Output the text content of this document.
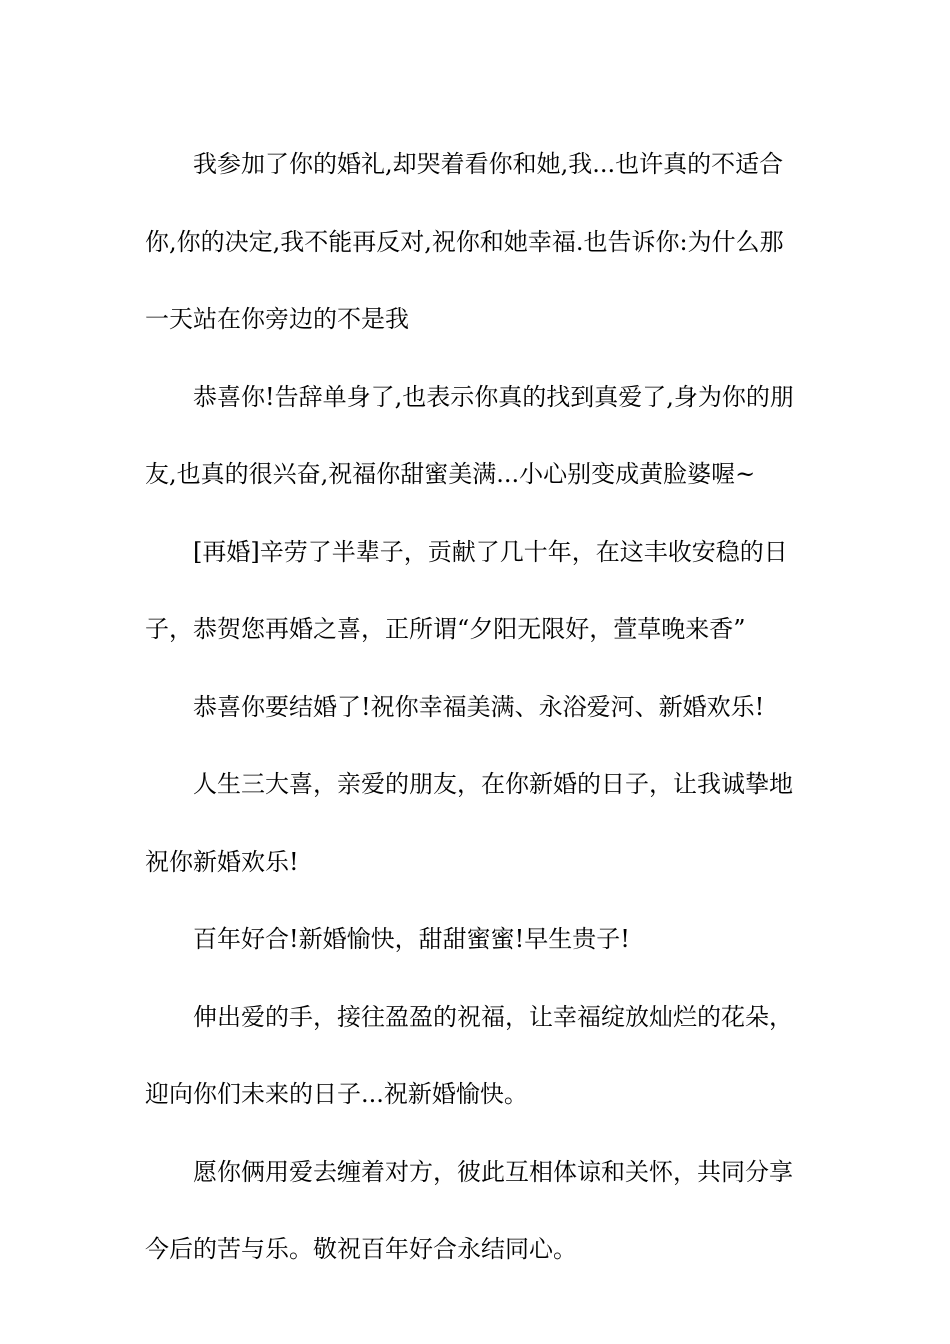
我参加了你的婚礼,却哭着看你和她,我...也许真的不适合你,你的决定,我不能再反对,祝你和她幸福.也告诉你:为什么那一天站在你旁边的不是我

恭喜你!告辞单身了,也表示你真的找到真爱了,身为你的朋友,也真的很兴奋,祝福你甜蜜美满...小心别变成黄脸婆喔~

[再婚]辛劳了半辈子，贡献了几十年，在这丰收安稳的日子，恭贺您再婚之喜，正所谓“夕阳无限好，萱草晚来香”

恭喜你要结婚了!祝你幸福美满、永浴爱河、新婚欢乐!

人生三大喜，亲爱的朋友，在你新婚的日子，让我诚挚地祝你新婚欢乐!

百年好合!新婚愉快，甜甜蜜蜜!早生贵子!

伸出爱的手，接往盈盈的祝福，让幸福绽放灿烂的花朵，迎向你们未来的日子...祝新婚愉快。

愿你俩用爱去缠着对方，彼此互相体谅和关怀，共同分享今后的苦与乐。敬祝百年好合永结同心。
